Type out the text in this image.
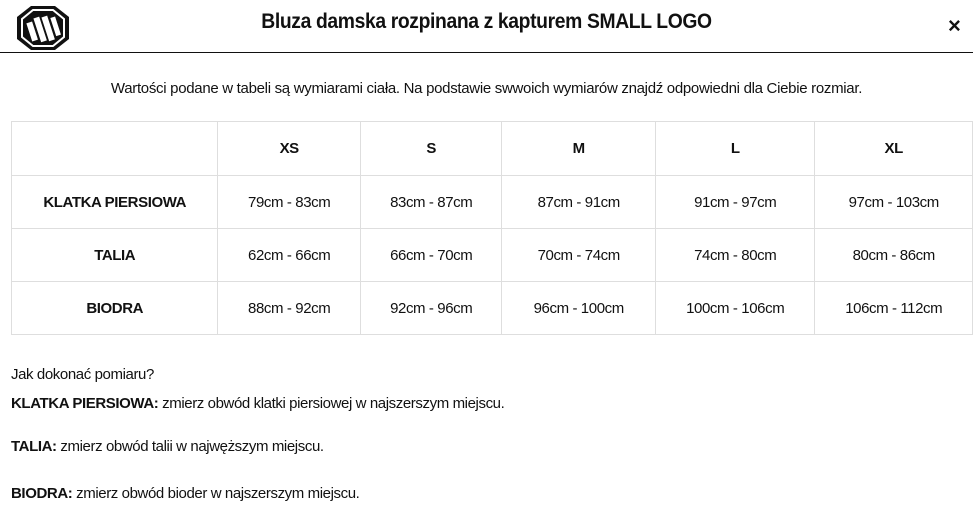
Bluza damska rozpinana z kapturem SMALL LOGO	×
Wartości podane w tabeli są wymiarami ciała. Na podstawie swwoich wymiarów znajdź odpowiedni dla Ciebie rozmiar.
	XS	S	M	L	XL
KLATKA PIERSIOWA	79cm - 83cm	83cm - 87cm	87cm - 91cm	91cm - 97cm	97cm - 103cm
TALIA	62cm - 66cm	66cm - 70cm	70cm - 74cm	74cm - 80cm	80cm - 86cm
BIODRA	88cm - 92cm	92cm - 96cm	96cm - 100cm	100cm - 106cm	106cm - 112cm
Jak dokonać pomiaru?
KLATKA PIERSIOWA: zmierz obwód klatki piersiowej w najszerszym miejscu.
TALIA: zmierz obwód talii w najwęższym miejscu.
BIODRA: zmierz obwód bioder w najszerszym miejscu.
